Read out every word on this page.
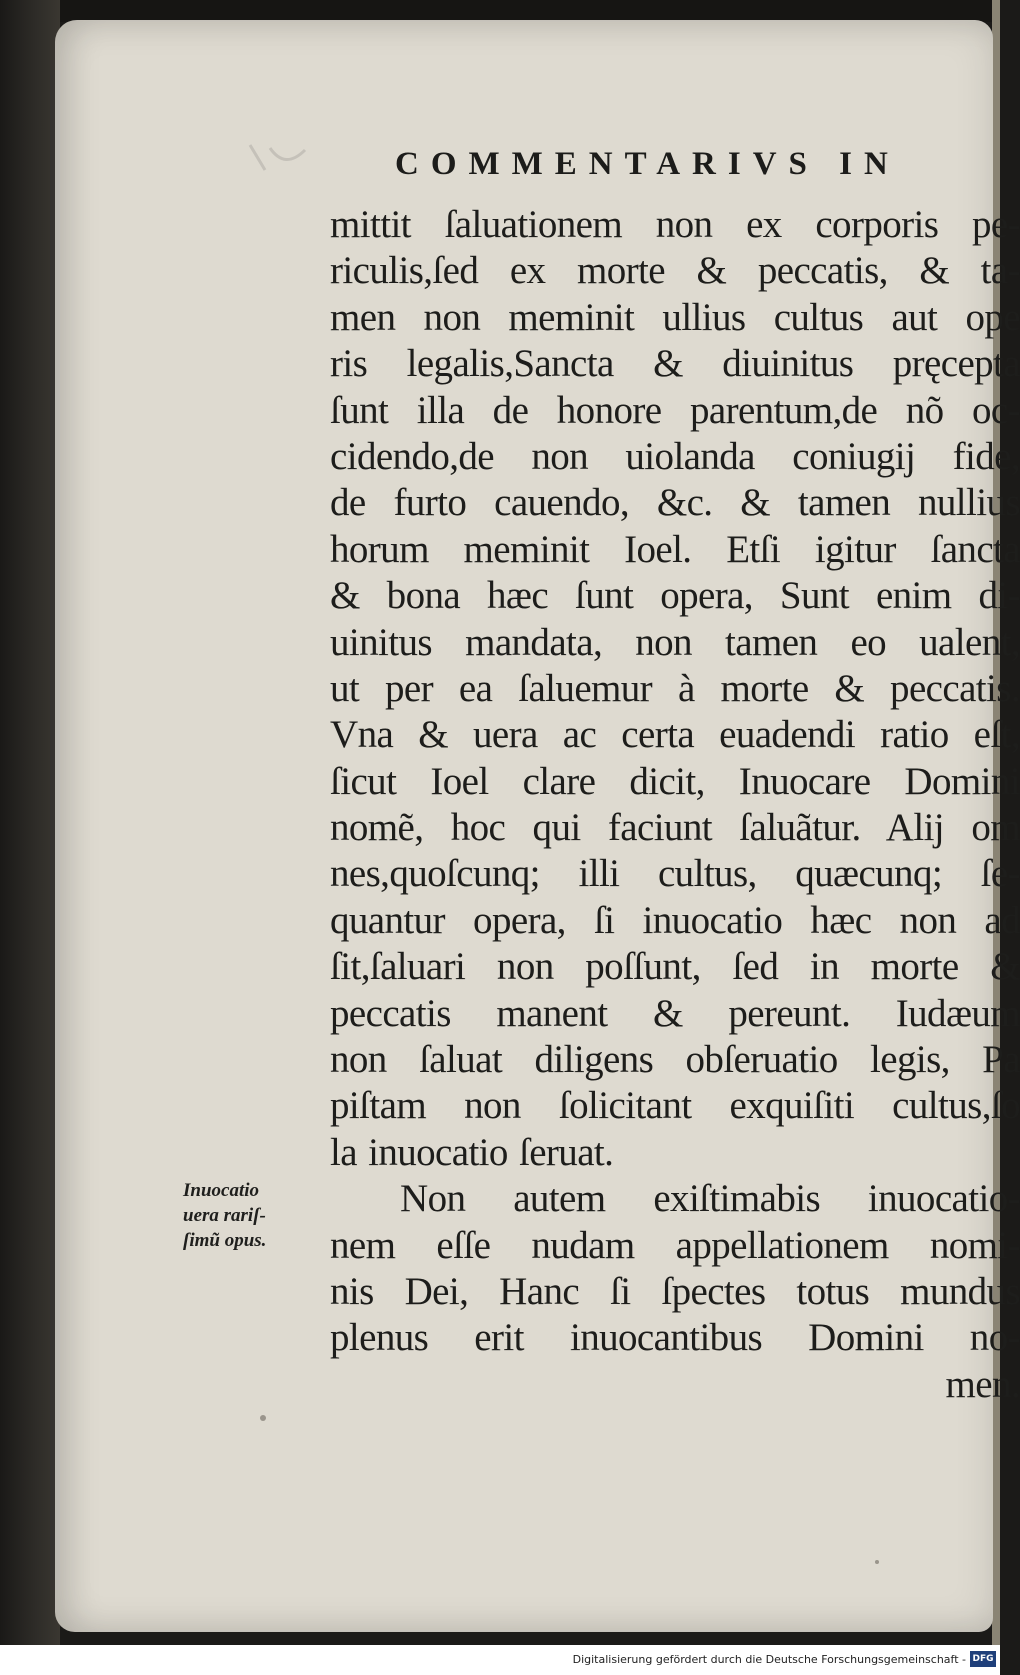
COMMENTARIVS IN
mittit ſaluationem non ex corporis pe-
riculis,ſed ex morte & peccatis, & ta-
men non meminit ullius cultus aut ope
ris legalis,Sancta & diuinitus pręcepta
ſunt illa de honore parentum,de nõ oc-
cidendo,de non uiolanda coniugij fide,
de furto cauendo, &c. & tamen nullius
horum meminit Ioel. Etſi igitur ſancta
& bona hæc ſunt opera, Sunt enim di-
uinitus mandata, non tamen eo ualent,
ut per ea ſaluemur à morte & peccatis.
Vna & uera ac certa euadendi ratio eſt,
ſicut Ioel clare dicit, Inuocare Domini
nomẽ, hoc qui faciunt ſaluãtur. Alij om
nes,quoſcunq; illi cultus, quæcunq; ſe-
quantur opera, ſi inuocatio hæc non ad
ſit,ſaluari non poſſunt, ſed in morte &
peccatis manent & pereunt. Iudæum
non ſaluat diligens obſeruatio legis, Pa
piſtam non ſolicitant exquiſiti cultus,ſo
la inuocatio ſeruat.
Non autem exiſtimabis inuocatio-
nem eſſe nudam appellationem nomi-
nis Dei, Hanc ſi ſpectes totus mundus
plenus erit inuocantibus Domini no-
men.
Inuocatio
uera rariſ-
ſimũ opus.
Digitalisierung gefördert durch die Deutsche Forschungsgemeinschaft - DFG
